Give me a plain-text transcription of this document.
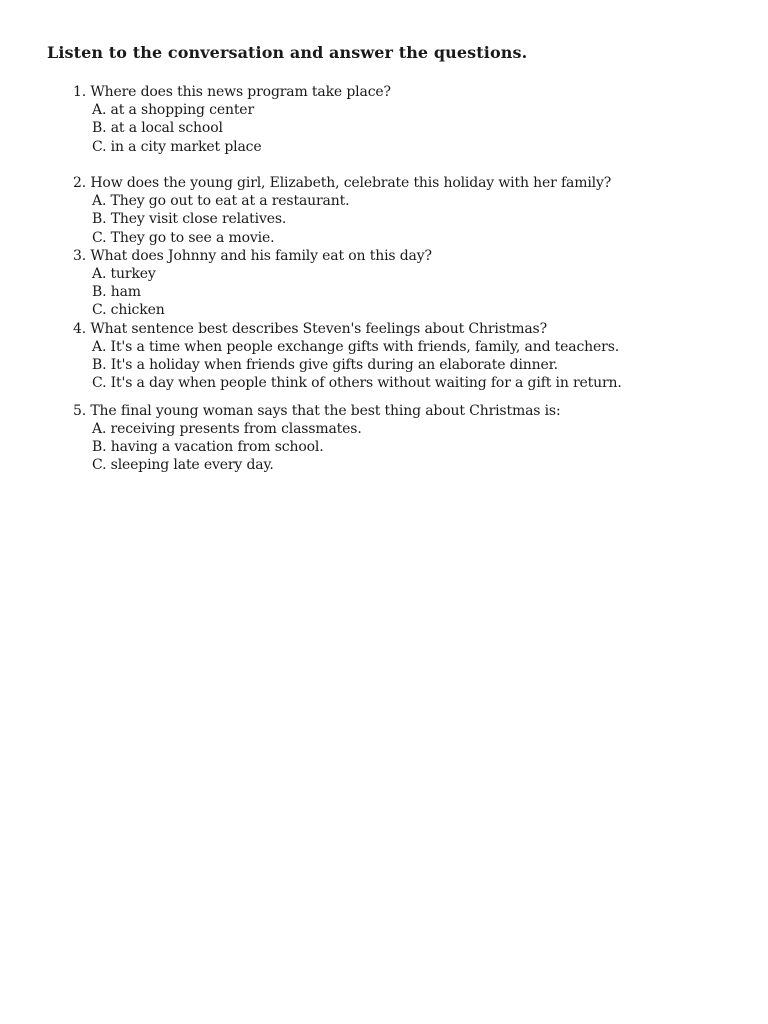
Listen to the conversation and answer the questions.
1. Where does this news program take place?
A. at a shopping center
B. at a local school
C. in a city market place
2. How does the young girl, Elizabeth, celebrate this holiday with her family?
A. They go out to eat at a restaurant.
B. They visit close relatives.
C. They go to see a movie.
3. What does Johnny and his family eat on this day?
A. turkey
B. ham
C. chicken
4. What sentence best describes Steven's feelings about Christmas?
A. It's a time when people exchange gifts with friends, family, and teachers.
B. It's a holiday when friends give gifts during an elaborate dinner.
C. It's a day when people think of others without waiting for a gift in return.
5. The final young woman says that the best thing about Christmas is:
A. receiving presents from classmates.
B. having a vacation from school.
C. sleeping late every day.
